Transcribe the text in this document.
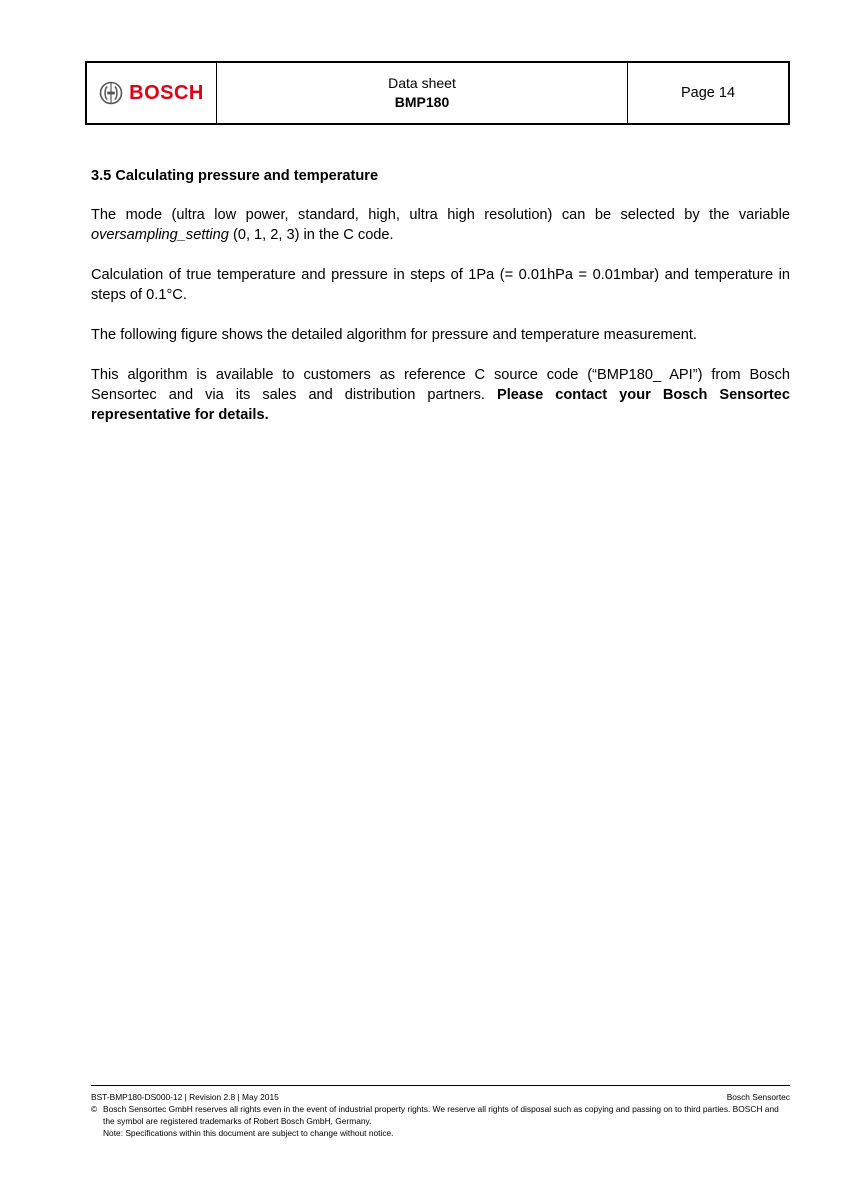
BOSCH	Data sheet
BMP180
Page 14
3.5 Calculating pressure and temperature

The mode (ultra low power, standard, high, ultra high resolution) can be selected by the variable oversampling_setting (0, 1, 2, 3) in the C code.

Calculation of true temperature and pressure in steps of 1Pa (= 0.01hPa = 0.01mbar) and temperature in steps of 0.1°C.

The following figure shows the detailed algorithm for pressure and temperature measurement.

This algorithm is available to customers as reference C source code (“BMP180_ API”) from Bosch Sensortec and via its sales and distribution partners. Please contact your Bosch Sensortec representative for details.

BST-BMP180-DS000-12 | Revision 2.8 | May 2015	Bosch Sensortec
© Bosch Sensortec GmbH reserves all rights even in the event of industrial property rights. We reserve all rights of disposal such as copying and passing on to third parties. BOSCH and the symbol are registered trademarks of Robert Bosch GmbH, Germany.
Note: Specifications within this document are subject to change without notice.
